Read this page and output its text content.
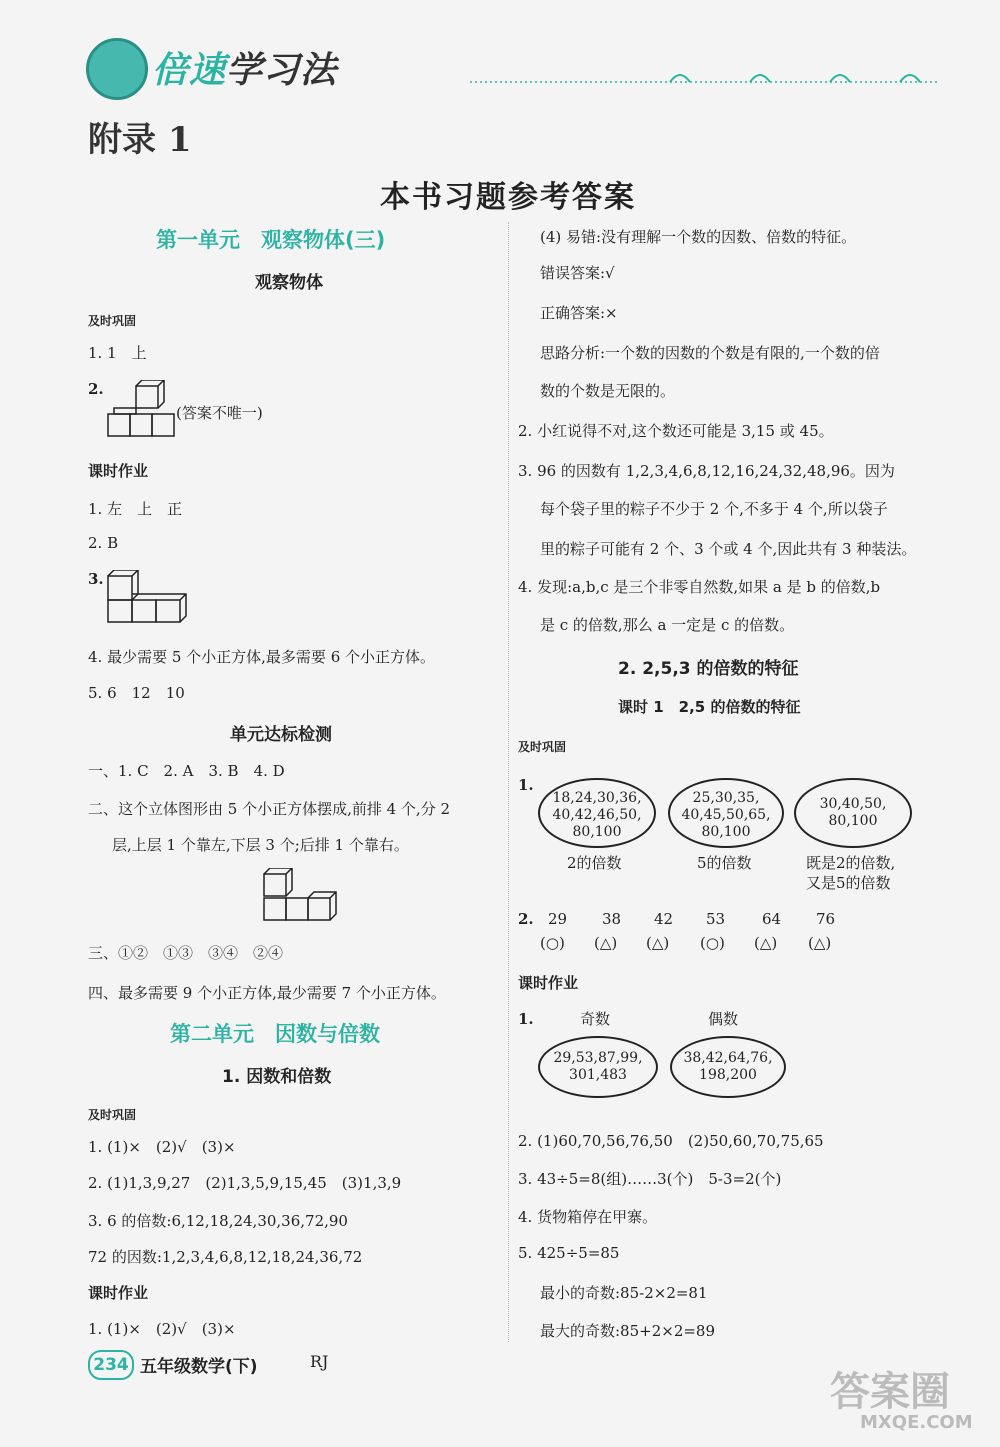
倍速学习法
附录 1
本书习题参考答案
第一单元　观察物体(三)
观察物体
及时巩固
1. 1　上
2.
(答案不唯一)
课时作业
1. 左　上　正
2. B
3.
4. 最少需要 5 个小正方体,最多需要 6 个小正方体。
5. 6　12　10
单元达标检测
一、1. C　2. A　3. B　4. D
二、这个立体图形由 5 个小正方体摆成,前排 4 个,分 2
层,上层 1 个靠左,下层 3 个;后排 1 个靠右。
三、①②　①③　③④　②④
四、最多需要 9 个小正方体,最少需要 7 个小正方体。
第二单元　因数与倍数
1. 因数和倍数
及时巩固
1. (1)×　(2)√　(3)×
2. (1)1,3,9,27　(2)1,3,5,9,15,45　(3)1,3,9
3. 6 的倍数:6,12,18,24,30,36,72,90
72 的因数:1,2,3,4,6,8,12,18,24,36,72
课时作业
1. (1)×　(2)√　(3)×
(4) 易错:没有理解一个数的因数、倍数的特征。
错误答案:√
正确答案:×
思路分析:一个数的因数的个数是有限的,一个数的倍
数的个数是无限的。
2. 小红说得不对,这个数还可能是 3,15 或 45。
3. 96 的因数有 1,2,3,4,6,8,12,16,24,32,48,96。因为
每个袋子里的粽子不少于 2 个,不多于 4 个,所以袋子
里的粽子可能有 2 个、3 个或 4 个,因此共有 3 种装法。
4. 发现:a,b,c 是三个非零自然数,如果 a 是 b 的倍数,b
是 c 的倍数,那么 a 一定是 c 的倍数。
2. 2,5,3 的倍数的特征
课时 1　2,5 的倍数的特征
及时巩固
1.
18,24,30,36,
40,42,46,50,
80,100
2的倍数
25,30,35,
40,45,50,65,
80,100
5的倍数
30,40,50,
80,100
既是2的倍数,
又是5的倍数
2. 29 38 42 53 64 76
(○) (△) (△) (○) (△) (△)
课时作业
1.	奇数	偶数
29,53,87,99,
301,483
38,42,64,76,
198,200
2. (1)60,70,56,76,50　(2)50,60,70,75,65
3. 43÷5=8(组)……3(个)　5-3=2(个)
4. 货物箱停在甲寨。
5. 425÷5=85
最小的奇数:85-2×2=81
最大的奇数:85+2×2=89
234 五年级数学(下)	RJ
答案圈
MXQE.COM
